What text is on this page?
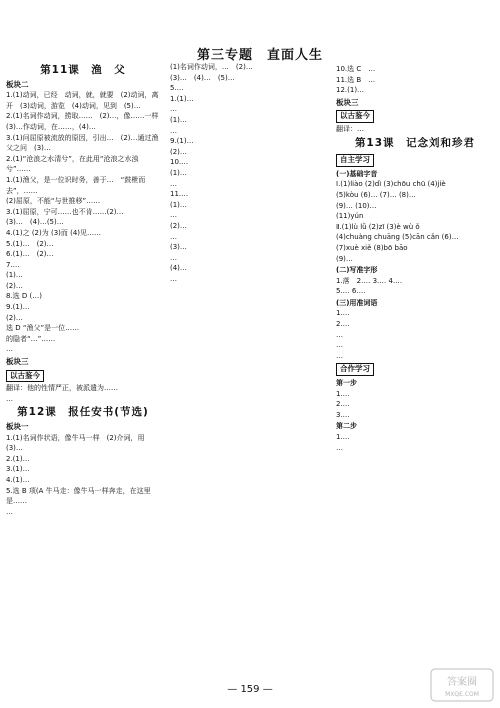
第三专题　直面人生
第11课　渔　父
板块二

1.(1)动词，已经　动词，就，就要　(2)动词，离开　(3)动词，游览　(4)动词，见到　(5)…

2.(1)名词作动词，捞取……　(2)…，像……一样　(3)…作动词，在……，(4)…

3.(1)问屈原被流放的原因，引出…　(2)…通过渔父之问　(3)…

2.(1)“沧浪之水清兮”，在此用“沧浪之水浊兮”……

1.(1)渔父，是一位识时务，善于…　“鼓枻而去”，……

(2)屈原，不能“与世推移”……

3.(1)屈原，宁可……也不肯……(2)…

(3)…　(4)…(5)…

4.(1)之 (2)为 (3)而 (4)见……

5.(1)…　(2)…

6.(1)…　(2)…

7.…

(1)…

(2)…

8.选 D (…)

9.(1)…

(2)…

选 D “渔父”是一位……

的隐者“…”……

…

板块三
以古鉴今

翻译：他的性情严正，被派遣为……

…

第12课　报任安书(节选)
板块一

1.(1)名词作状语，像牛马一样　(2)介词，用　(3)…

2.(1)…

3.(1)…

4.(1)…

5.选 B 项(A 牛马走：像牛马一样奔走，在这里是……

…

(1)名词作动词，…　(2)…

(3)…　(4)…　(5)…

5.…

1.(1)…

…

(1)…

…

9.(1)…

(2)…

10.…

(1)…

…

11.…

(1)…

…

(2)…

…

(3)…

…

(4)…

…

10.选 C　…

11.选 B　…

12.(1)…

板块三
以古鉴今

翻译：…

第13课　记念刘和珍君
自主学习
(一)基础字音

Ⅰ.(1)liào (2)dì (3)chōu chū (4)jiè

(5)kòu (6)… (7)… (8)…

(9)… (10)…

(11)yún

Ⅱ.(1)lù lǜ (2)zī (3)è wù ǒ

(4)chuàng chuāng (5)cān cǎn (6)…

(7)xuè xiě (8)bō bāo

(9)…

(二)写准字形

1.落　2.… 3.… 4.…

5.… 6.…

(三)用准词语

1.…

2.…

…

…

…

合作学习
第一步

1.…

2.…

3.…

第二步

1.…

…

— 159 —
答案圈
MXQE.COM
